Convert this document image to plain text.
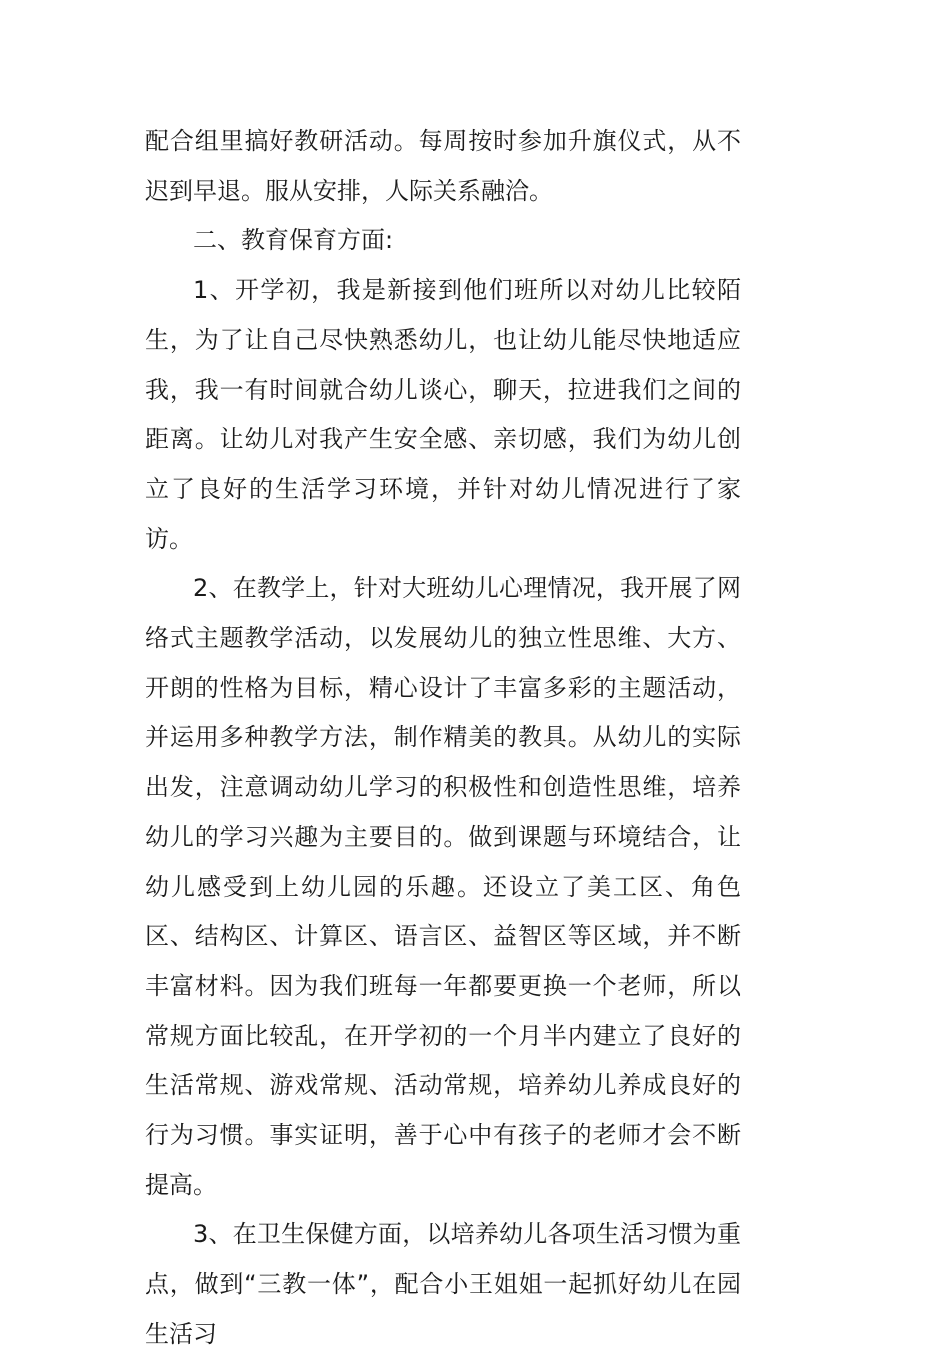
配合组里搞好教研活动。每周按时参加升旗仪式，从不迟到早退。服从安排，人际关系融洽。

二、教育保育方面:

1、开学初，我是新接到他们班所以对幼儿比较陌生，为了让自己尽快熟悉幼儿，也让幼儿能尽快地适应我，我一有时间就合幼儿谈心，聊天，拉进我们之间的距离。让幼儿对我产生安全感、亲切感，我们为幼儿创立了良好的生活学习环境，并针对幼儿情况进行了家访。

2、在教学上，针对大班幼儿心理情况，我开展了网络式主题教学活动，以发展幼儿的独立性思维、大方、开朗的性格为目标，精心设计了丰富多彩的主题活动，并运用多种教学方法，制作精美的教具。从幼儿的实际出发，注意调动幼儿学习的积极性和创造性思维，培养幼儿的学习兴趣为主要目的。做到课题与环境结合，让幼儿感受到上幼儿园的乐趣。还设立了美工区、角色区、结构区、计算区、语言区、益智区等区域，并不断丰富材料。因为我们班每一年都要更换一个老师，所以常规方面比较乱，在开学初的一个月半内建立了良好的生活常规、游戏常规、活动常规，培养幼儿养成良好的行为习惯。事实证明，善于心中有孩子的老师才会不断提高。

3、在卫生保健方面，以培养幼儿各项生活习惯为重点，做到“三教一体”，配合小王姐姐一起抓好幼儿在园生活习
